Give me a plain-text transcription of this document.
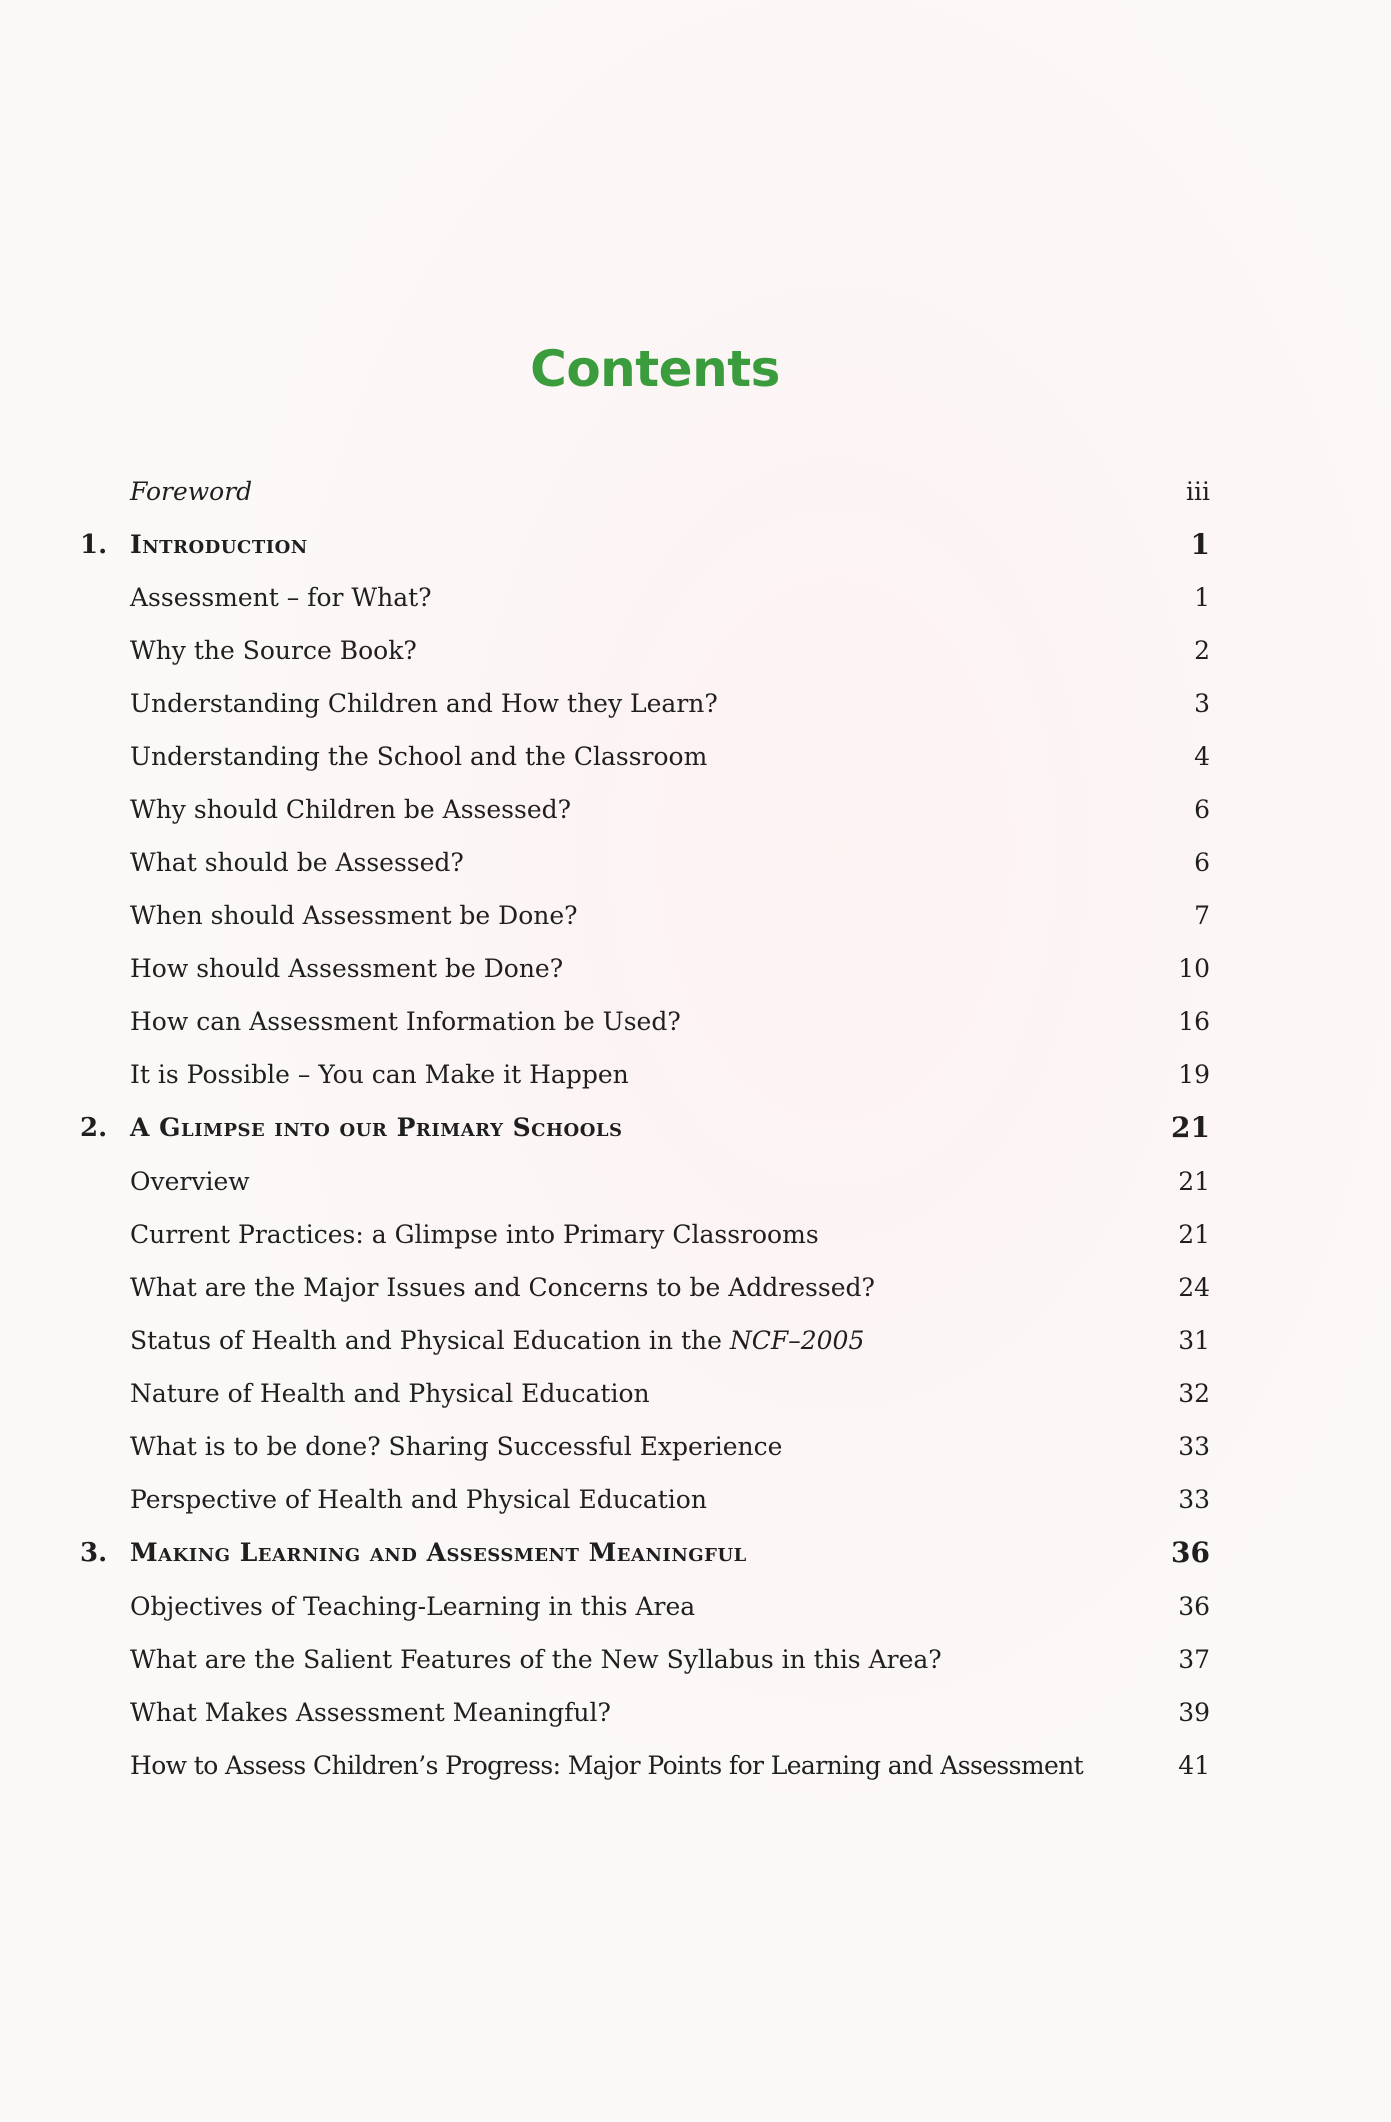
Contents
Foreword	iii
1. Introduction	1
Assessment – for What?	1
Why the Source Book?	2
Understanding Children and How they Learn?	3
Understanding the School and the Classroom	4
Why should Children be Assessed?	6
What should be Assessed?	6
When should Assessment be Done?	7
How should Assessment be Done?	10
How can Assessment Information be Used?	16
It is Possible – You can Make it Happen	19
2. A Glimpse into our Primary Schools	21
Overview	21
Current Practices: a Glimpse into Primary Classrooms	21
What are the Major Issues and Concerns to be Addressed?	24
Status of Health and Physical Education in the NCF–2005	31
Nature of Health and Physical Education	32
What is to be done? Sharing Successful Experience	33
Perspective of Health and Physical Education	33
3. Making Learning and Assessment Meaningful	36
Objectives of Teaching-Learning in this Area	36
What are the Salient Features of the New Syllabus in this Area?	37
What Makes Assessment Meaningful?	39
How to Assess Children’s Progress: Major Points for Learning and Assessment	41
